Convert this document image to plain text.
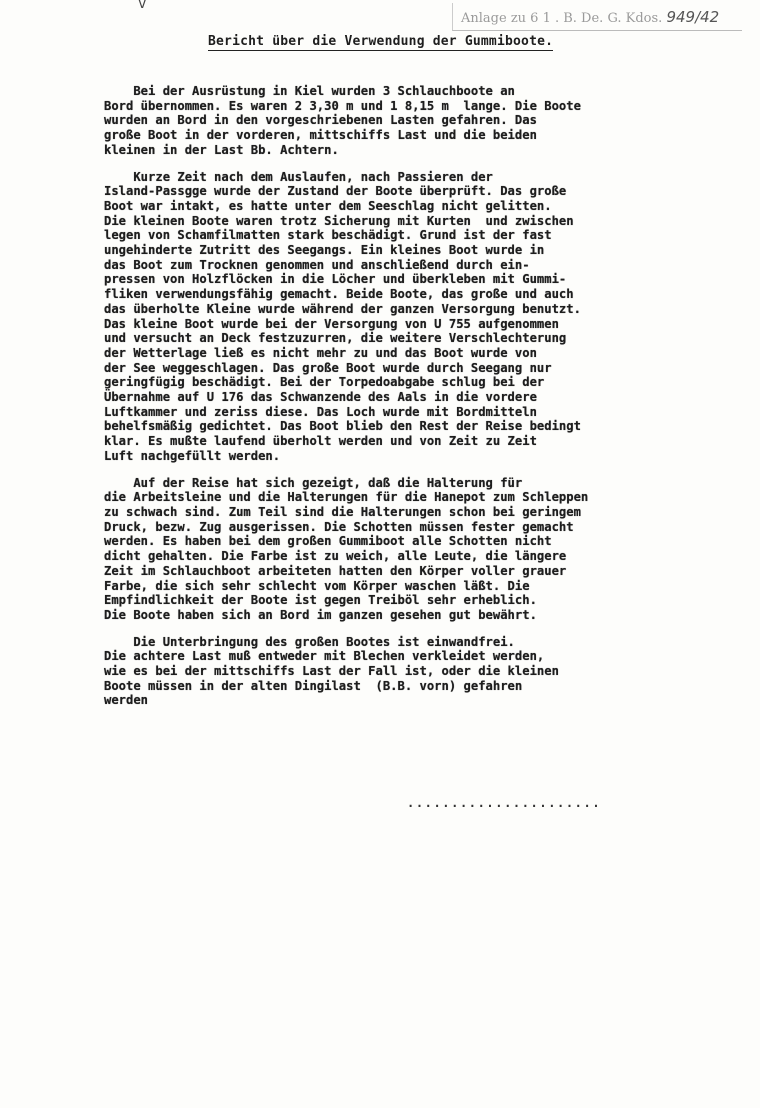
v
Anlage zu 6 1 . B. De. G. Kdos. 949/42
Bericht über die Verwendung der Gummiboote.
Bei der Ausrüstung in Kiel wurden 3 Schlauchboote an
Bord übernommen. Es waren 2 3,30 m und 1 8,15 m  lange. Die Boote
wurden an Bord in den vorgeschriebenen Lasten gefahren. Das
große Boot in der vorderen, mittschiffs Last und die beiden
kleinen in der Last Bb. Achtern.
Kurze Zeit nach dem Auslaufen, nach Passieren der
Island-Passgge wurde der Zustand der Boote überprüft. Das große
Boot war intakt, es hatte unter dem Seeschlag nicht gelitten.
Die kleinen Boote waren trotz Sicherung mit Kurten  und zwischen
legen von Schamfilmatten stark beschädigt. Grund ist der fast
ungehinderte Zutritt des Seegangs. Ein kleines Boot wurde in
das Boot zum Trocknen genommen und anschließend durch ein-
pressen von Holzflöcken in die Löcher und überkleben mit Gummi-
fliken verwendungsfähig gemacht. Beide Boote, das große und auch
das überholte Kleine wurde während der ganzen Versorgung benutzt.
Das kleine Boot wurde bei der Versorgung von U 755 aufgenommen
und versucht an Deck festzuzurren, die weitere Verschlechterung
der Wetterlage ließ es nicht mehr zu und das Boot wurde von
der See weggeschlagen. Das große Boot wurde durch Seegang nur
geringfügig beschädigt. Bei der Torpedoabgabe schlug bei der
Übernahme auf U 176 das Schwanzende des Aals in die vordere
Luftkammer und zeriss diese. Das Loch wurde mit Bordmitteln
behelfsmäßig gedichtet. Das Boot blieb den Rest der Reise bedingt
klar. Es mußte laufend überholt werden und von Zeit zu Zeit
Luft nachgefüllt werden.
Auf der Reise hat sich gezeigt, daß die Halterung für
die Arbeitsleine und die Halterungen für die Hanepot zum Schleppen
zu schwach sind. Zum Teil sind die Halterungen schon bei geringem
Druck, bezw. Zug ausgerissen. Die Schotten müssen fester gemacht
werden. Es haben bei dem großen Gummiboot alle Schotten nicht
dicht gehalten. Die Farbe ist zu weich, alle Leute, die längere
Zeit im Schlauchboot arbeiteten hatten den Körper voller grauer
Farbe, die sich sehr schlecht vom Körper waschen läßt. Die
Empfindlichkeit der Boote ist gegen Treiböl sehr erheblich.
Die Boote haben sich an Bord im ganzen gesehen gut bewährt.
Die Unterbringung des großen Bootes ist einwandfrei.
Die achtere Last muß entweder mit Blechen verkleidet werden,
wie es bei der mittschiffs Last der Fall ist, oder die kleinen
Boote müssen in der alten Dingilast  (B.B. vorn) gefahren
werden
......................
